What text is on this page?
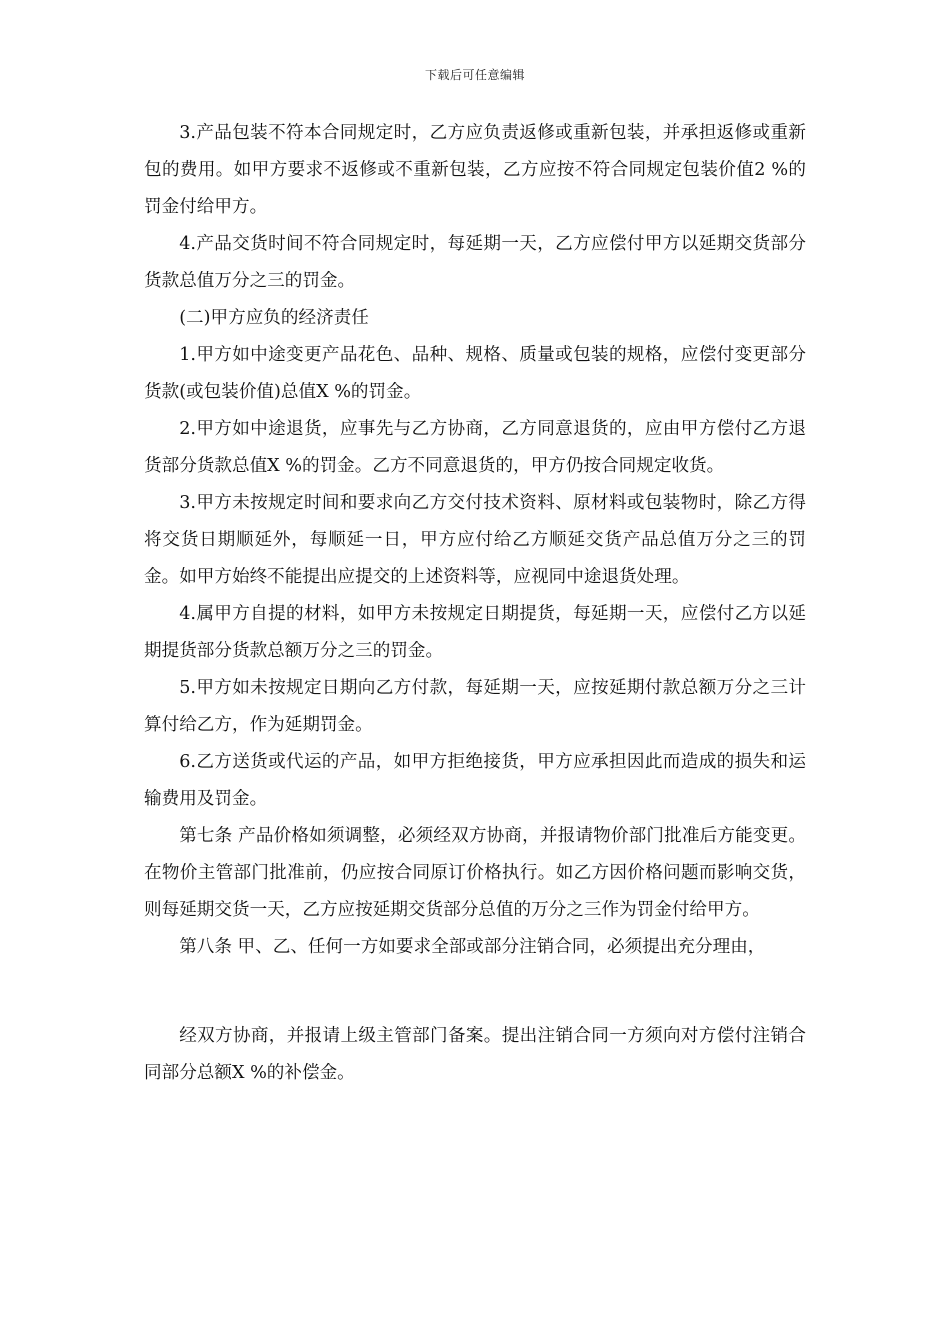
下载后可任意编辑

3.产品包装不符本合同规定时，乙方应负责返修或重新包装，并承担返修或重新包的费用。如甲方要求不返修或不重新包装，乙方应按不符合同规定包装价值2 %的罚金付给甲方。

4.产品交货时间不符合同规定时，每延期一天，乙方应偿付甲方以延期交货部分货款总值万分之三的罚金。

(二)甲方应负的经济责任

1.甲方如中途变更产品花色、品种、规格、质量或包装的规格，应偿付变更部分货款(或包装价值)总值X %的罚金。

2.甲方如中途退货，应事先与乙方协商，乙方同意退货的，应由甲方偿付乙方退货部分货款总值X %的罚金。乙方不同意退货的，甲方仍按合同规定收货。

3.甲方未按规定时间和要求向乙方交付技术资料、原材料或包装物时，除乙方得将交货日期顺延外，每顺延一日，甲方应付给乙方顺延交货产品总值万分之三的罚金。如甲方始终不能提出应提交的上述资料等，应视同中途退货处理。

4.属甲方自提的材料，如甲方未按规定日期提货，每延期一天，应偿付乙方以延期提货部分货款总额万分之三的罚金。

5.甲方如未按规定日期向乙方付款，每延期一天，应按延期付款总额万分之三计算付给乙方，作为延期罚金。

6.乙方送货或代运的产品，如甲方拒绝接货，甲方应承担因此而造成的损失和运输费用及罚金。

第七条 产品价格如须调整，必须经双方协商，并报请物价部门批准后方能变更。在物价主管部门批准前，仍应按合同原订价格执行。如乙方因价格问题而影响交货，则每延期交货一天，乙方应按延期交货部分总值的万分之三作为罚金付给甲方。

第八条 甲、乙、任何一方如要求全部或部分注销合同，必须提出充分理由，

经双方协商，并报请上级主管部门备案。提出注销合同一方须向对方偿付注销合同部分总额X %的补偿金。
